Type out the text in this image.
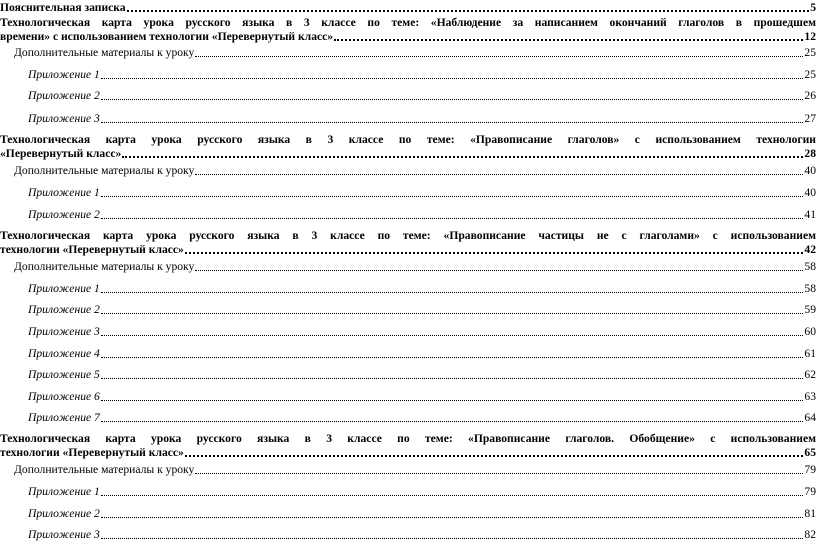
Пояснительная записка	5
Технологическая карта урока русского языка в 3 классе по теме: «Наблюдение за написанием окончаний глаголов в прошедшем
времени» с использованием технологии «Перевернутый класс»	12
Дополнительные материалы к уроку	25
Приложение 1	25
Приложение 2	26
Приложение 3	27
Технологическая карта урока русского языка в 3 классе по теме: «Правописание глаголов» с использованием технологии
«Перевернутый класс»	28
Дополнительные материалы к уроку	40
Приложение 1	40
Приложение 2	41
Технологическая карта урока русского языка в 3 классе по теме: «Правописание частицы не с глаголами» с использованием
технологии «Перевернутый класс»	42
Дополнительные материалы к уроку	58
Приложение 1	58
Приложение 2	59
Приложение 3	60
Приложение 4	61
Приложение 5	62
Приложение 6	63
Приложение 7	64
Технологическая карта урока русского языка в 3 классе по теме: «Правописание глаголов. Обобщение» с использованием
технологии «Перевернутый класс»	65
Дополнительные материалы к уроку	79
Приложение 1	79
Приложение 2	81
Приложение 3	82
